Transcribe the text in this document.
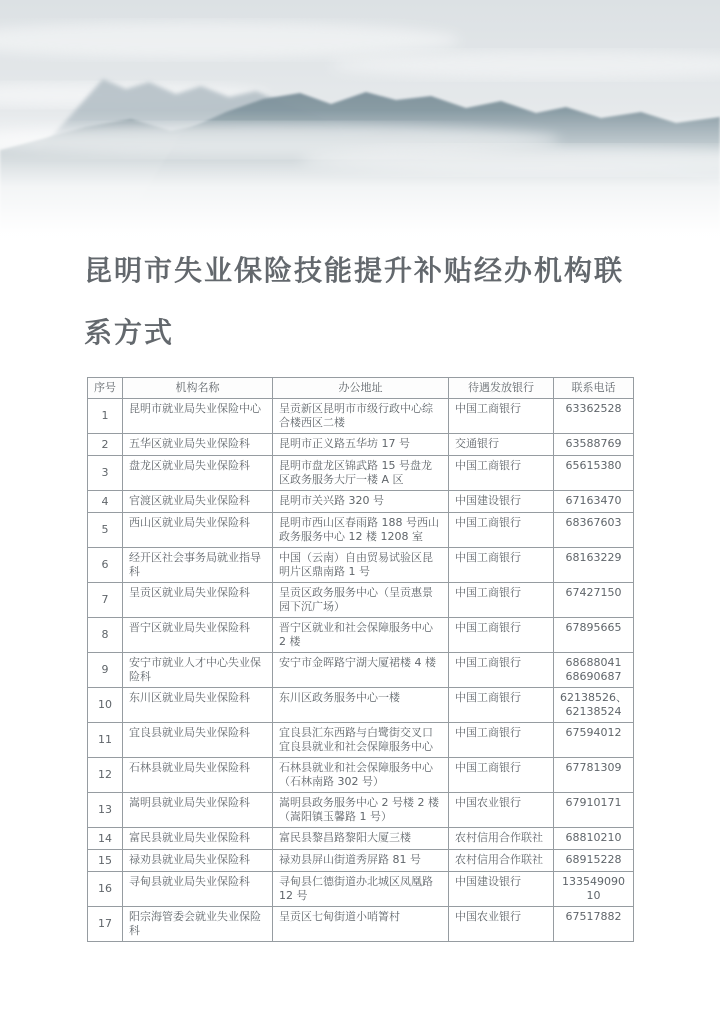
昆明市失业保险技能提升补贴经办机构联系方式
序号	机构名称	办公地址	待遇发放银行	联系电话
1	昆明市就业局失业保险中心	呈贡新区昆明市市级行政中心综合楼西区二楼	中国工商银行	63362528
2	五华区就业局失业保险科	昆明市正义路五华坊 17 号	交通银行	63588769
3	盘龙区就业局失业保险科	昆明市盘龙区锦武路 15 号盘龙区政务服务大厅一楼 A 区	中国工商银行	65615380
4	官渡区就业局失业保险科	昆明市关兴路 320 号	中国建设银行	67163470
5	西山区就业局失业保险科	昆明市西山区春雨路 188 号西山政务服务中心 12 楼 1208 室	中国工商银行	68367603
6	经开区社会事务局就业指导科	中国（云南）自由贸易试验区昆明片区鼎南路 1 号	中国工商银行	68163229
7	呈贡区就业局失业保险科	呈贡区政务服务中心（呈贡惠景园下沉广场）	中国工商银行	67427150
8	晋宁区就业局失业保险科	晋宁区就业和社会保障服务中心 2 楼	中国工商银行	67895665
9	安宁市就业人才中心失业保险科	安宁市金晖路宁湖大厦裙楼 4 楼	中国工商银行	68688041 68690687
10	东川区就业局失业保险科	东川区政务服务中心一楼	中国工商银行	62138526、62138524
11	宜良县就业局失业保险科	宜良县汇东西路与白鹭街交叉口宜良县就业和社会保障服务中心	中国工商银行	67594012
12	石林县就业局失业保险科	石林县就业和社会保障服务中心（石林南路 302 号）	中国工商银行	67781309
13	嵩明县就业局失业保险科	嵩明县政务服务中心 2 号楼 2 楼（嵩阳镇玉馨路 1 号）	中国农业银行	67910171
14	富民县就业局失业保险科	富民县黎昌路黎阳大厦三楼	农村信用合作联社	68810210
15	禄劝县就业局失业保险科	禄劝县屏山街道秀屏路 81 号	农村信用合作联社	68915228
16	寻甸县就业局失业保险科	寻甸县仁德街道办北城区凤凰路 12 号	中国建设银行	13354909010
17	阳宗海管委会就业失业保险科	呈贡区七甸街道小哨箐村	中国农业银行	67517882
